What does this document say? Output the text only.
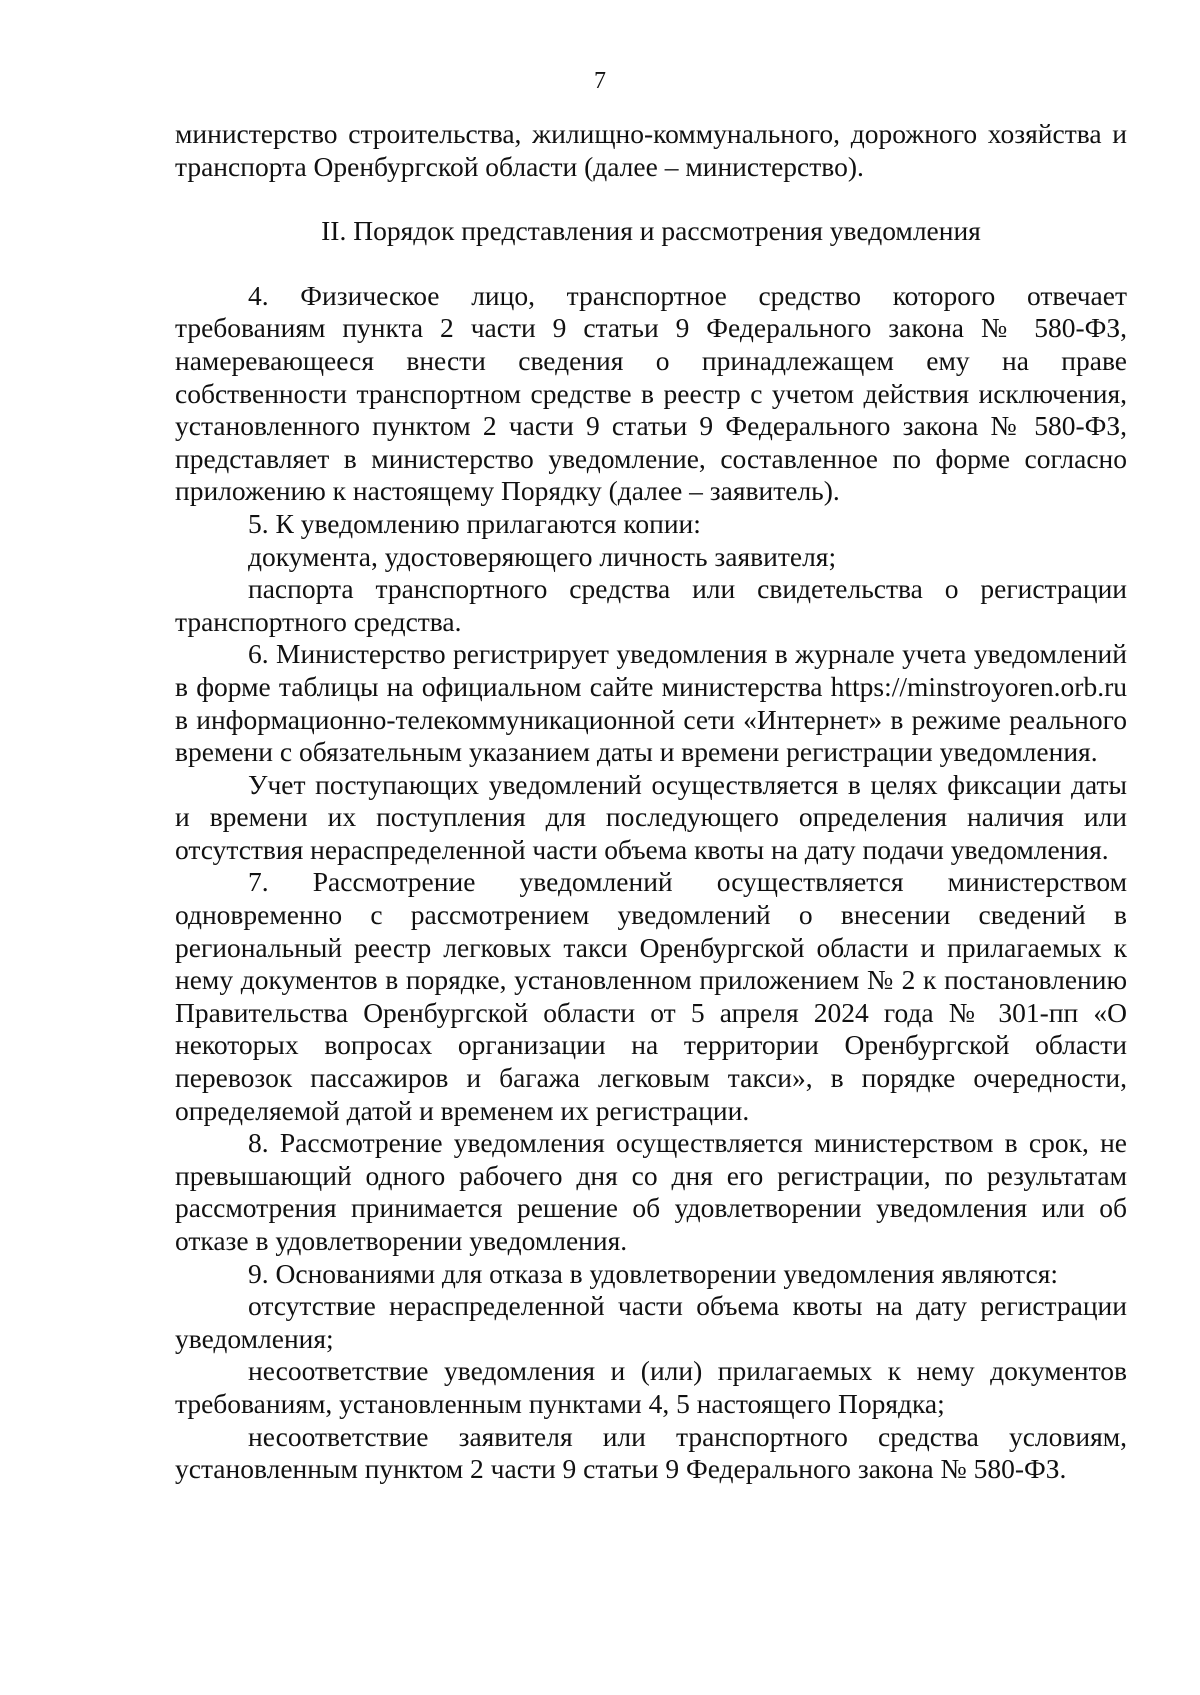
7

министерство строительства, жилищно-коммунального, дорожного хозяйства и транспорта Оренбургской области (далее – министерство).

II. Порядок представления и рассмотрения уведомления

4. Физическое лицо, транспортное средство которого отвечает требованиям пункта 2 части 9 статьи 9 Федерального закона № 580-ФЗ, намеревающееся внести сведения о принадлежащем ему на праве собственности транспортном средстве в реестр с учетом действия исключения, установленного пунктом 2 части 9 статьи 9 Федерального закона № 580-ФЗ, представляет в министерство уведомление, составленное по форме согласно приложению к настоящему Порядку (далее – заявитель).

5. К уведомлению прилагаются копии:

документа, удостоверяющего личность заявителя;

паспорта транспортного средства или свидетельства о регистрации транспортного средства.

6. Министерство регистрирует уведомления в журнале учета уведомлений в форме таблицы на официальном сайте министерства https://minstroyoren.orb.ru в информационно-телекоммуникационной сети «Интернет» в режиме реального времени с обязательным указанием даты и времени регистрации уведомления.

Учет поступающих уведомлений осуществляется в целях фиксации даты и времени их поступления для последующего определения наличия или отсутствия нераспределенной части объема квоты на дату подачи уведомления.

7. Рассмотрение уведомлений осуществляется министерством одновременно с рассмотрением уведомлений о внесении сведений в региональный реестр легковых такси Оренбургской области и прилагаемых к нему документов в порядке, установленном приложением № 2 к постановлению Правительства Оренбургской области от 5 апреля 2024 года № 301-пп «О некоторых вопросах организации на территории Оренбургской области перевозок пассажиров и багажа легковым такси», в порядке очередности, определяемой датой и временем их регистрации.

8. Рассмотрение уведомления осуществляется министерством в срок, не превышающий одного рабочего дня со дня его регистрации, по результатам рассмотрения принимается решение об удовлетворении уведомления или об отказе в удовлетворении уведомления.

9. Основаниями для отказа в удовлетворении уведомления являются:

отсутствие нераспределенной части объема квоты на дату регистрации уведомления;

несоответствие уведомления и (или) прилагаемых к нему документов требованиям, установленным пунктами 4, 5 настоящего Порядка;

несоответствие заявителя или транспортного средства условиям, установленным пунктом 2 части 9 статьи 9 Федерального закона № 580-ФЗ.
